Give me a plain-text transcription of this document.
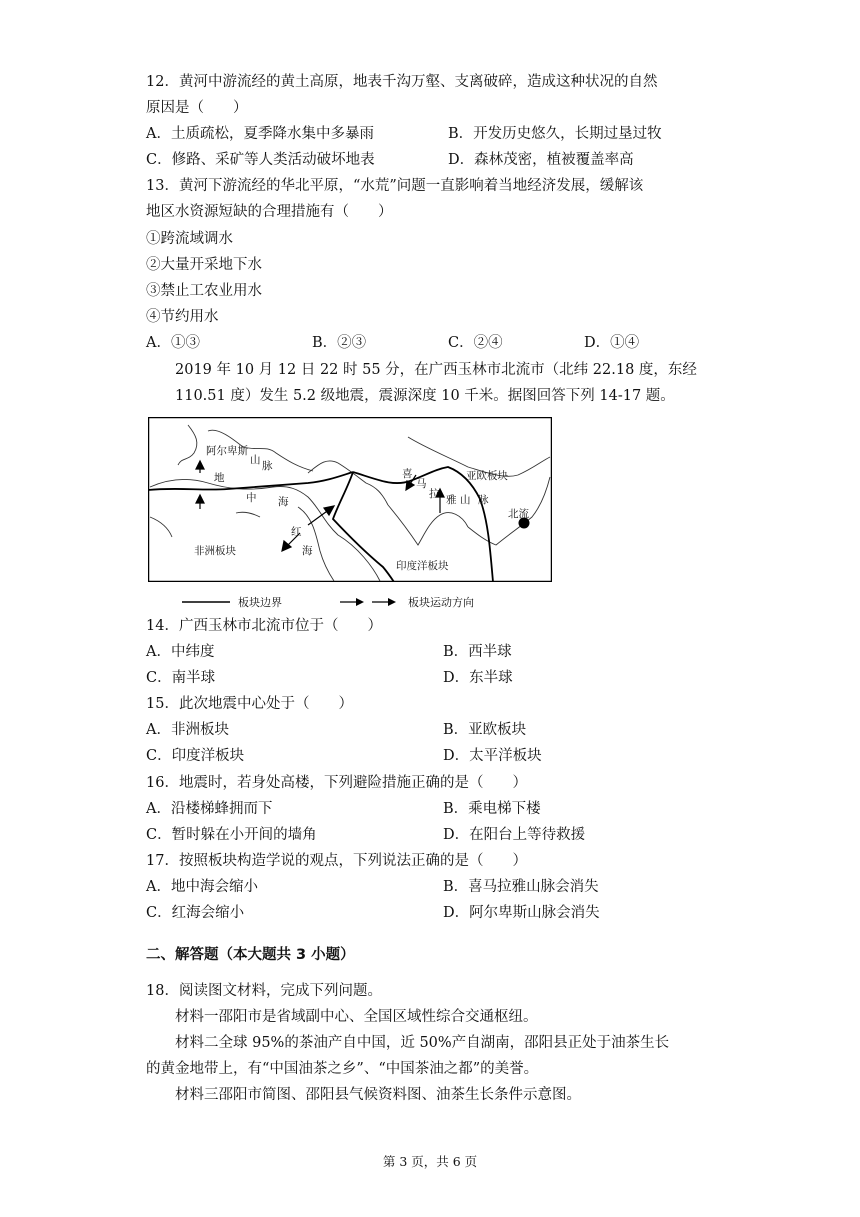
12．黄河中游流经的黄土高原，地表千沟万壑、支离破碎，造成这种状况的自然
原因是（　　）
A．土质疏松，夏季降水集中多暴雨	B．开发历史悠久，长期过垦过牧
C．修路、采矿等人类活动破坏地表	D．森林茂密，植被覆盖率高
13．黄河下游流经的华北平原，“水荒”问题一直影响着当地经济发展，缓解该
地区水资源短缺的合理措施有（　　）
①跨流域调水
②大量开采地下水
③禁止工农业用水
④节约用水
A．①③	B．②③	C．②④	D．①④
2019 年 10 月 12 日 22 时 55 分，在广西玉林市北流市（北纬 22.18 度，东经
110.51 度）发生 5.2 级地震，震源深度 10 千米。据图回答下列 14-17 题。
阿尔卑斯
山 脉
地
中 海
红
海
喜
马
拉 雅 山 脉
亚欧板块
非洲板块
印度洋板块
北流
板块边界	板块运动方向
14．广西玉林市北流市位于（　　）
A．中纬度	B．西半球
C．南半球	D．东半球
15．此次地震中心处于（　　）
A．非洲板块	B．亚欧板块
C．印度洋板块	D．太平洋板块
16．地震时，若身处高楼，下列避险措施正确的是（　　）
A．沿楼梯蜂拥而下	B．乘电梯下楼
C．暂时躲在小开间的墙角	D．在阳台上等待救援
17．按照板块构造学说的观点，下列说法正确的是（　　）
A．地中海会缩小	B．喜马拉雅山脉会消失
C．红海会缩小	D．阿尔卑斯山脉会消失
二、解答题（本大题共 3 小题）
18．阅读图文材料，完成下列问题。
材料一邵阳市是省域副中心、全国区域性综合交通枢纽。
材料二全球 95%的茶油产自中国，近 50%产自湖南，邵阳县正处于油茶生长
的黄金地带上，有“中国油茶之乡”、“中国茶油之都”的美誉。
材料三邵阳市简图、邵阳县气候资料图、油茶生长条件示意图。
第 3 页，共 6 页
